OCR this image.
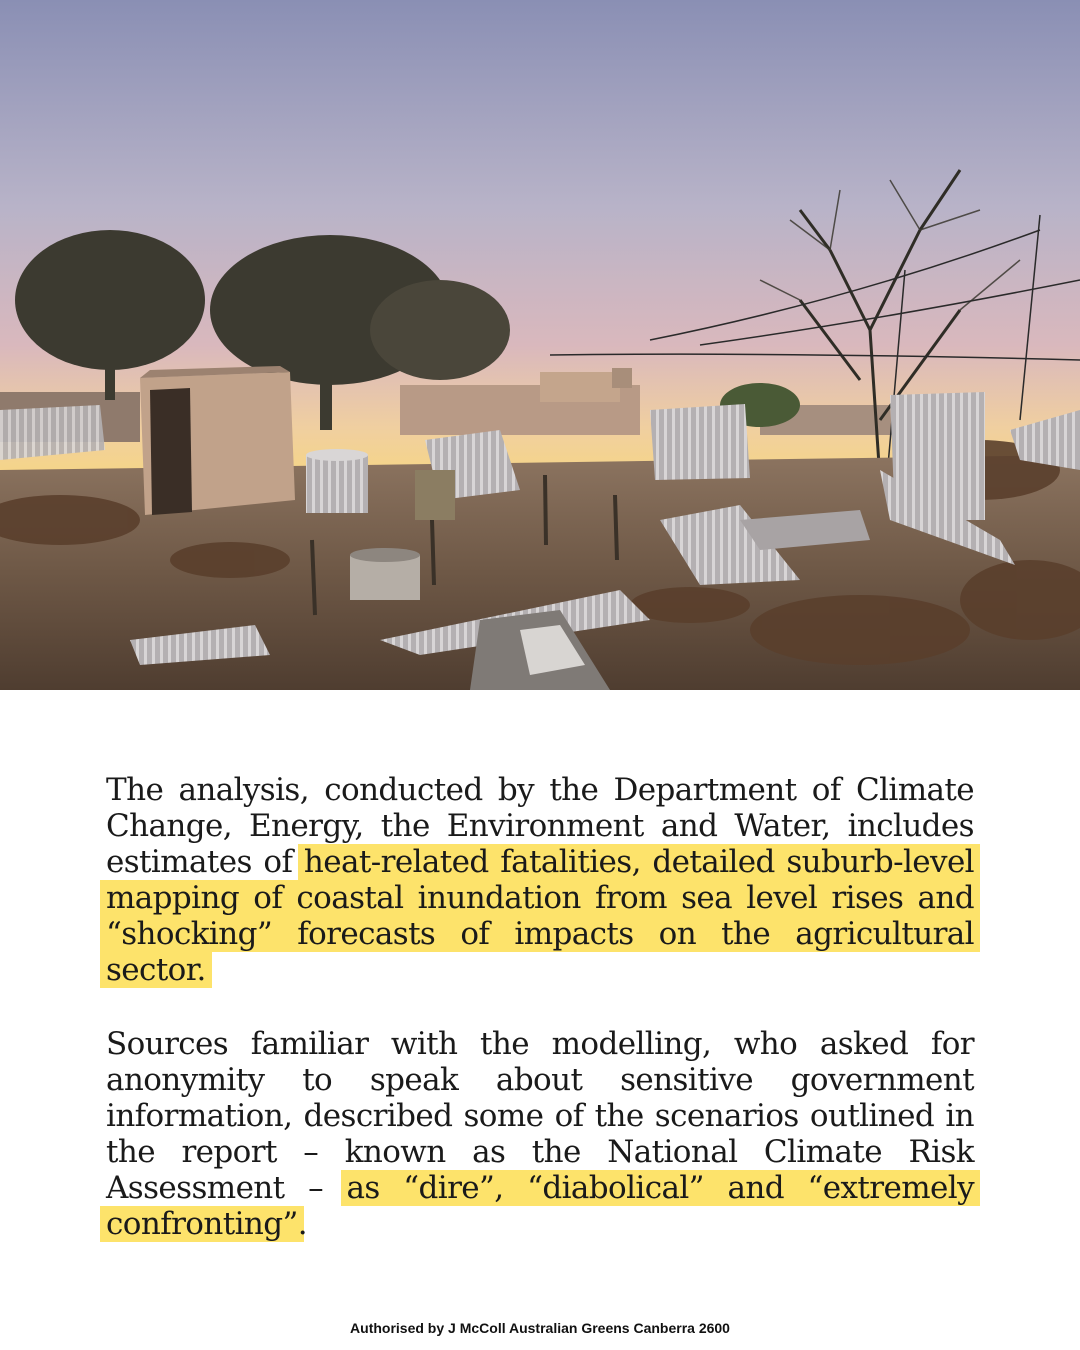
The analysis, conducted by the Department of Climate Change, Energy, the Environment and Water, includes estimates of heat-related fatalities, detailed suburb-level mapping of coastal inundation from sea level rises and “shocking” forecasts of impacts on the agricultural sector.

Sources familiar with the modelling, who asked for anonymity to speak about sensitive government information, described some of the scenarios outlined in the report – known as the National Climate Risk Assessment – as “dire”, “diabolical” and “extremely confronting”.

Authorised by J McColl Australian Greens Canberra 2600
